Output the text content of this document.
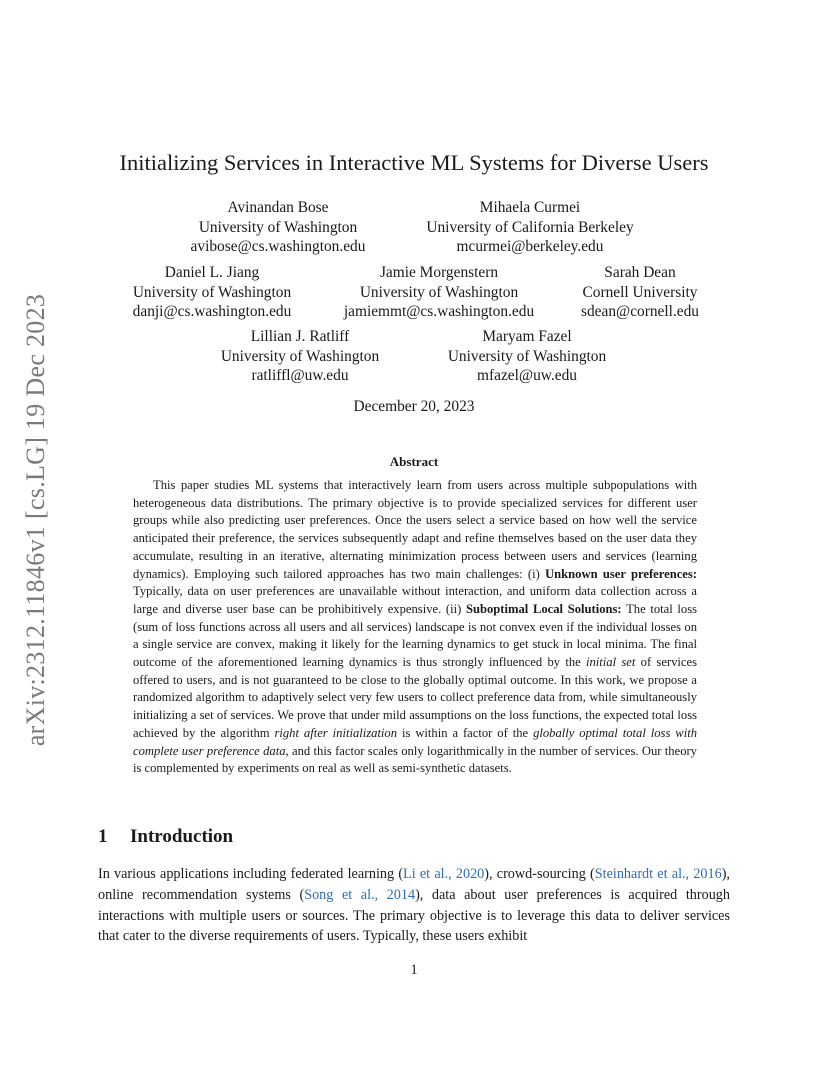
arXiv:2312.11846v1 [cs.LG] 19 Dec 2023
Initializing Services in Interactive ML Systems for Diverse Users
Avinandan Bose
University of Washington
avibose@cs.washington.edu
Mihaela Curmei
University of California Berkeley
mcurmei@berkeley.edu
Daniel L. Jiang
University of Washington
danji@cs.washington.edu
Jamie Morgenstern
University of Washington
jamiemmt@cs.washington.edu
Sarah Dean
Cornell University
sdean@cornell.edu
Lillian J. Ratliff
University of Washington
ratliffl@uw.edu
Maryam Fazel
University of Washington
mfazel@uw.edu
December 20, 2023
Abstract

This paper studies ML systems that interactively learn from users across multiple subpopulations with heterogeneous data distributions. The primary objective is to provide specialized services for different user groups while also predicting user preferences. Once the users select a service based on how well the service anticipated their preference, the services subsequently adapt and refine themselves based on the user data they accumulate, resulting in an iterative, alternating minimization process between users and services (learning dynamics). Employing such tailored approaches has two main challenges: (i) Unknown user preferences: Typically, data on user preferences are unavailable without interaction, and uniform data collection across a large and diverse user base can be prohibitively expensive. (ii) Suboptimal Local Solutions: The total loss (sum of loss functions across all users and all services) landscape is not convex even if the individual losses on a single service are convex, making it likely for the learning dynamics to get stuck in local minima. The final outcome of the aforementioned learning dynamics is thus strongly influenced by the initial set of services offered to users, and is not guaranteed to be close to the globally optimal outcome. In this work, we propose a randomized algorithm to adaptively select very few users to collect preference data from, while simultaneously initializing a set of services. We prove that under mild assumptions on the loss functions, the expected total loss achieved by the algorithm right after initialization is within a factor of the globally optimal total loss with complete user preference data, and this factor scales only logarithmically in the number of services. Our theory is complemented by experiments on real as well as semi-synthetic datasets.

1 Introduction

In various applications including federated learning (Li et al., 2020), crowd-sourcing (Steinhardt et al., 2016), online recommendation systems (Song et al., 2014), data about user preferences is acquired through interactions with multiple users or sources. The primary objective is to leverage this data to deliver services that cater to the diverse requirements of users. Typically, these users exhibit

1
